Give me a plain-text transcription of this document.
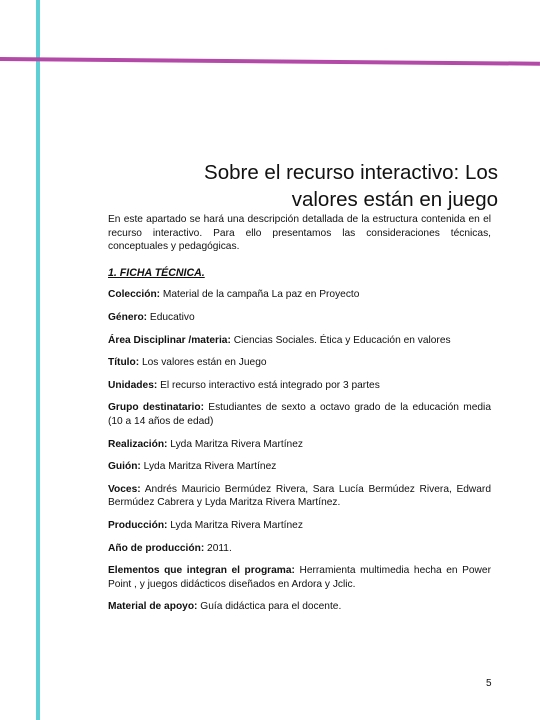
Sobre el recurso interactivo: Los valores están en juego

En este apartado se hará una descripción detallada de la estructura contenida en el recurso interactivo. Para ello presentamos las consideraciones técnicas, conceptuales y pedagógicas.

1. FICHA TÉCNICA.

Colección: Material de la campaña La paz en Proyecto

Género: Educativo

Área Disciplinar /materia: Ciencias Sociales. Ética y Educación en valores

Título: Los valores están en Juego

Unidades: El recurso interactivo está integrado por 3 partes

Grupo destinatario: Estudiantes de sexto a octavo grado de la educación media (10 a 14 años de edad)

Realización: Lyda Maritza Rivera Martínez

Guión: Lyda Maritza Rivera Martínez

Voces: Andrés Mauricio Bermúdez Rivera, Sara Lucía Bermúdez Rivera, Edward Bermúdez Cabrera y Lyda Maritza Rivera Martínez.

Producción: Lyda Maritza Rivera Martínez

Año de producción: 2011.

Elementos que integran el programa: Herramienta multimedia hecha en Power Point , y juegos didácticos diseñados en Ardora y Jclic.

Material de apoyo: Guía didáctica para el docente.

5
